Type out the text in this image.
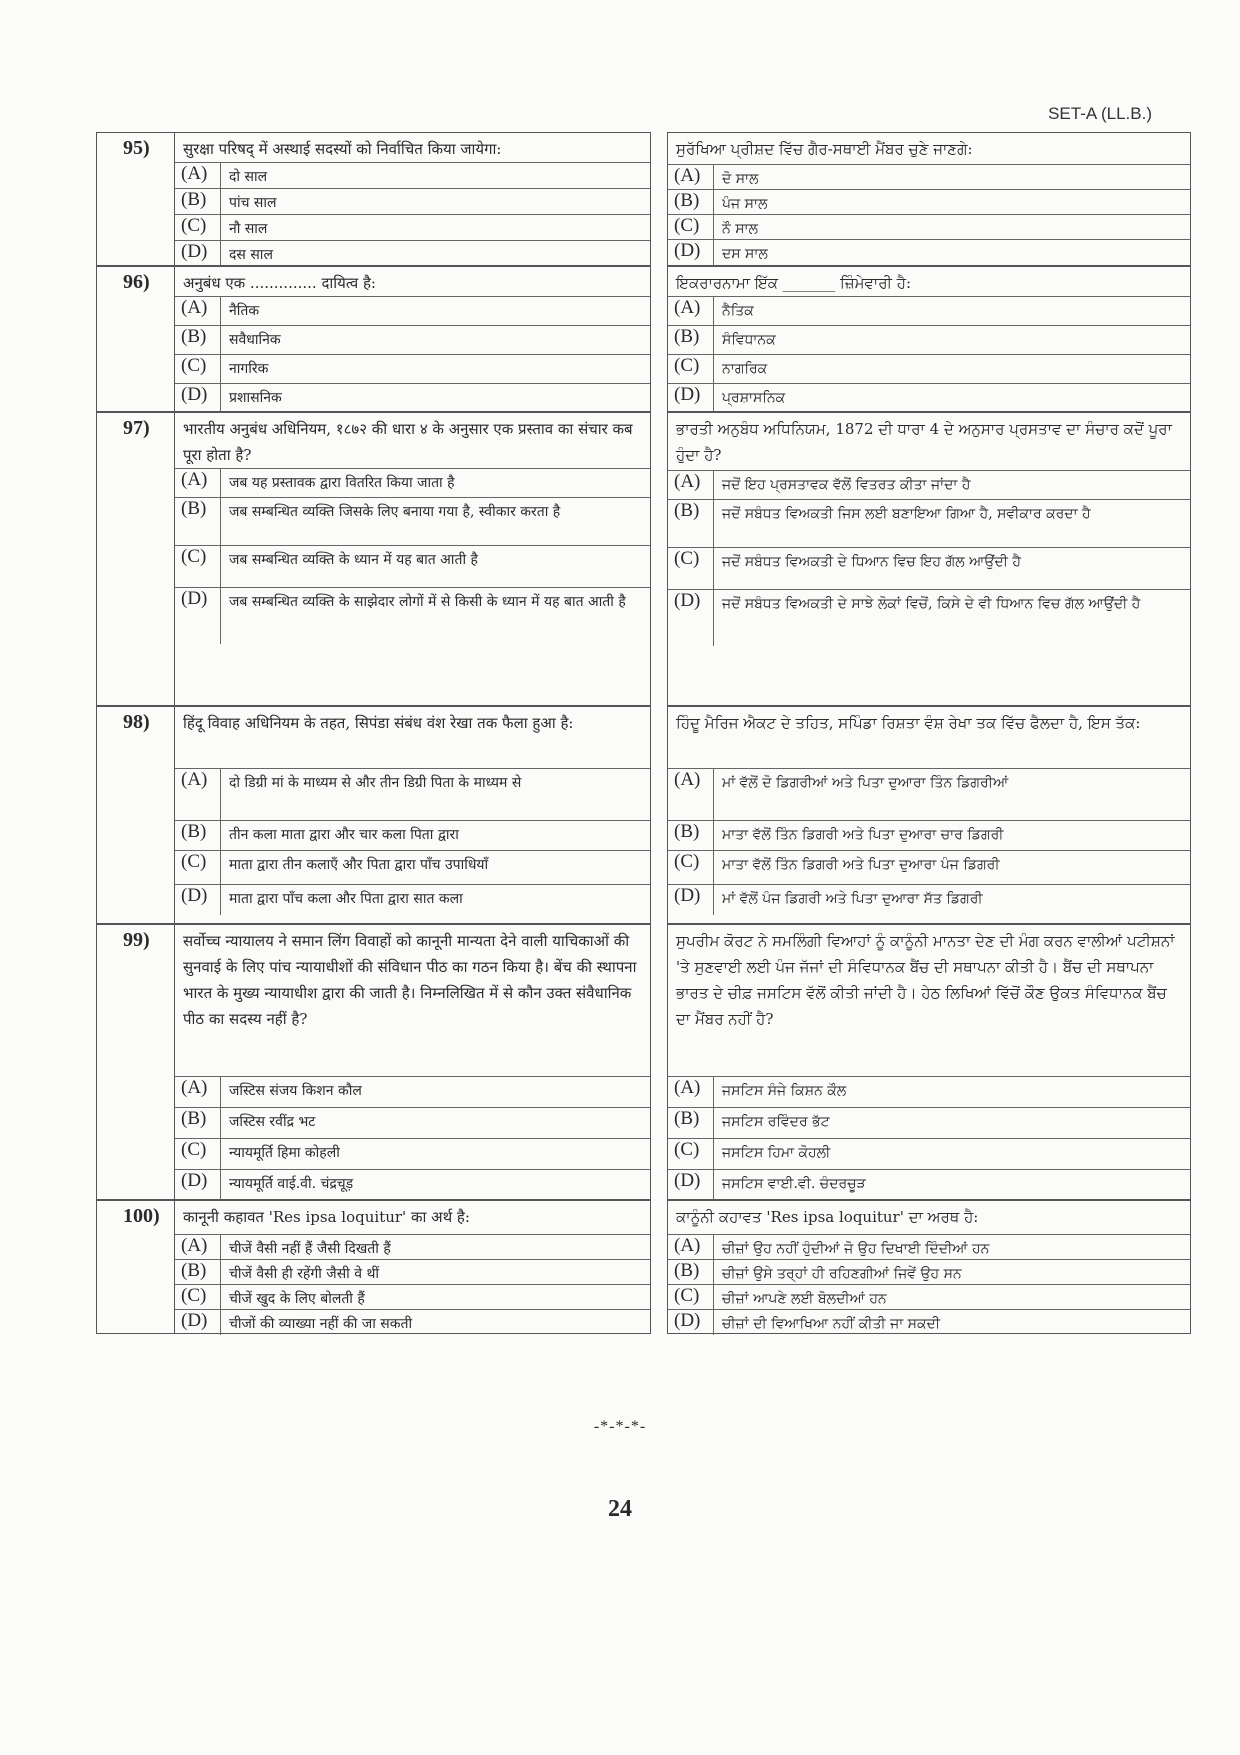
SET-A (LL.B.)
95)	सुरक्षा परिषद् में अस्थाई सदस्यों को निर्वाचित किया जायेगा:
(A)	दो साल
(B)	पांच साल
(C)	नौ साल
(D)	दस साल
ਸੁਰੱਖਿਆ ਪ੍ਰੀਸ਼ਦ ਵਿੱਚ ਗੈਰ-ਸਥਾਈ ਮੈਂਬਰ ਚੁਣੇ ਜਾਣਗੇ:
(A)	ਦੋ ਸਾਲ
(B)	ਪੰਜ ਸਾਲ
(C)	ਨੌ ਸਾਲ
(D)	ਦਸ ਸਾਲ
96)	अनुबंध एक .............. दायित्व है:
(A)	नैतिक
(B)	सवैधानिक
(C)	नागरिक
(D)	प्रशासनिक
ਇਕਰਾਰਨਾਮਾ ਇੱਕ _______ ਜ਼ਿੰਮੇਵਾਰੀ ਹੈ:
(A)	ਨੈਤਿਕ
(B)	ਸੰਵਿਧਾਨਕ
(C)	ਨਾਗਰਿਕ
(D)	ਪ੍ਰਸ਼ਾਸਨਿਕ
97)	भारतीय अनुबंध अधिनियम, १८७२ की धारा ४ के अनुसार एक प्रस्ताव का संचार कब पूरा होता है?
(A)	जब यह प्रस्तावक द्वारा वितरित किया जाता है
(B)	जब सम्बन्धित व्यक्ति जिसके लिए बनाया गया है, स्वीकार करता है
(C)	जब सम्बन्धित व्यक्ति के ध्यान में यह बात आती है
(D)	जब सम्बन्धित व्यक्ति के साझेदार लोगों में से किसी के ध्यान में यह बात आती है
ਭਾਰਤੀ ਅਨੁਬੰਧ ਅਧਿਨਿਯਮ, 1872 ਦੀ ਧਾਰਾ 4 ਦੇ ਅਨੁਸਾਰ ਪ੍ਰਸਤਾਵ ਦਾ ਸੰਚਾਰ ਕਦੋਂ ਪੂਰਾ ਹੁੰਦਾ ਹੈ?
(A)	ਜਦੋਂ ਇਹ ਪ੍ਰਸਤਾਵਕ ਵੱਲੋਂ ਵਿਤਰਤ ਕੀਤਾ ਜਾਂਦਾ ਹੈ
(B)	ਜਦੋਂ ਸਬੰਧਤ ਵਿਅਕਤੀ ਜਿਸ ਲਈ ਬਣਾਇਆ ਗਿਆ ਹੈ, ਸਵੀਕਾਰ ਕਰਦਾ ਹੈ
(C)	ਜਦੋਂ ਸਬੰਧਤ ਵਿਅਕਤੀ ਦੇ ਧਿਆਨ ਵਿਚ ਇਹ ਗੱਲ ਆਉਂਦੀ ਹੈ
(D)	ਜਦੋਂ ਸਬੰਧਤ ਵਿਅਕਤੀ ਦੇ ਸਾਝੇ ਲੋਕਾਂ ਵਿਚੋਂ, ਕਿਸੇ ਦੇ ਵੀ ਧਿਆਨ ਵਿਚ ਗੱਲ ਆਉਂਦੀ ਹੈ
98)	हिंदू विवाह अधिनियम के तहत, सिपंडा संबंध वंश रेखा तक फैला हुआ है:
(A)	दो डिग्री मां के माध्यम से और तीन डिग्री पिता के माध्यम से
(B)	तीन कला माता द्वारा और चार कला पिता द्वारा
(C)	माता द्वारा तीन कलाएँ और पिता द्वारा पाँच उपाधियाँ
(D)	माता द्वारा पाँच कला और पिता द्वारा सात कला
ਹਿੰਦੂ ਮੈਰਿਜ ਐਕਟ ਦੇ ਤਹਿਤ, ਸਪਿੰਡਾ ਰਿਸ਼ਤਾ ਵੰਸ਼ ਰੇਖਾ ਤਕ ਵਿੱਚ ਫੈਲਦਾ ਹੈ, ਇਸ ਤੱਕ:
(A)	ਮਾਂ ਵੱਲੋਂ ਦੋ ਡਿਗਰੀਆਂ ਅਤੇ ਪਿਤਾ ਦੁਆਰਾ ਤਿੰਨ ਡਿਗਰੀਆਂ
(B)	ਮਾਤਾ ਵੱਲੋਂ ਤਿੰਨ ਡਿਗਰੀ ਅਤੇ ਪਿਤਾ ਦੁਆਰਾ ਚਾਰ ਡਿਗਰੀ
(C)	ਮਾਤਾ ਵੱਲੋਂ ਤਿੰਨ ਡਿਗਰੀ ਅਤੇ ਪਿਤਾ ਦੁਆਰਾ ਪੰਜ ਡਿਗਰੀ
(D)	ਮਾਂ ਵੱਲੋਂ ਪੰਜ ਡਿਗਰੀ ਅਤੇ ਪਿਤਾ ਦੁਆਰਾ ਸੱਤ ਡਿਗਰੀ
99)	सर्वोच्च न्यायालय ने समान लिंग विवाहों को कानूनी मान्यता देने वाली याचिकाओं की सुनवाई के लिए पांच न्यायाधीशों की संविधान पीठ का गठन किया है। बेंच की स्थापना भारत के मुख्य न्यायाधीश द्वारा की जाती है। निम्नलिखित में से कौन उक्त संवैधानिक पीठ का सदस्य नहीं है?
(A)	जस्टिस संजय किशन कौल
(B)	जस्टिस रवींद्र भट
(C)	न्यायमूर्ति हिमा कोहली
(D)	न्यायमूर्ति वाई.वी. चंद्रचूड़
ਸੁਪਰੀਮ ਕੋਰਟ ਨੇ ਸਮਲਿੰਗੀ ਵਿਆਹਾਂ ਨੂੰ ਕਾਨੂੰਨੀ ਮਾਨਤਾ ਦੇਣ ਦੀ ਮੰਗ ਕਰਨ ਵਾਲੀਆਂ ਪਟੀਸ਼ਨਾਂ 'ਤੇ ਸੁਣਵਾਈ ਲਈ ਪੰਜ ਜੱਜਾਂ ਦੀ ਸੰਵਿਧਾਨਕ ਬੈਂਚ ਦੀ ਸਥਾਪਨਾ ਕੀਤੀ ਹੈ। ਬੈਂਚ ਦੀ ਸਥਾਪਨਾ ਭਾਰਤ ਦੇ ਚੀਫ਼ ਜਸਟਿਸ ਵੱਲੋਂ ਕੀਤੀ ਜਾਂਦੀ ਹੈ। ਹੇਠ ਲਿਖਿਆਂ ਵਿੱਚੋਂ ਕੌਣ ਉਕਤ ਸੰਵਿਧਾਨਕ ਬੈਂਚ ਦਾ ਮੈਂਬਰ ਨਹੀਂ ਹੈ?
(A)	ਜਸਟਿਸ ਸੰਜੇ ਕਿਸ਼ਨ ਕੌਲ
(B)	ਜਸਟਿਸ ਰਵਿੰਦਰ ਭੱਟ
(C)	ਜਸਟਿਸ ਹਿਮਾ ਕੋਹਲੀ
(D)	ਜਸਟਿਸ ਵਾਈ.ਵੀ. ਚੰਦਰਚੂੜ
100)	कानूनी कहावत 'Res ipsa loquitur' का अर्थ है:
(A)	चीजें वैसी नहीं हैं जैसी दिखती हैं
(B)	चीजें वैसी ही रहेंगी जैसी वे थीं
(C)	चीजें खुद के लिए बोलती हैं
(D)	चीजों की व्याख्या नहीं की जा सकती
ਕਾਨੂੰਨੀ ਕਹਾਵਤ 'Res ipsa loquitur' ਦਾ ਅਰਥ ਹੈ:
(A)	ਚੀਜ਼ਾਂ ਉਹ ਨਹੀਂ ਹੁੰਦੀਆਂ ਜੋ ਉਹ ਦਿਖਾਈ ਦਿੰਦੀਆਂ ਹਨ
(B)	ਚੀਜ਼ਾਂ ਉਸੇ ਤਰ੍ਹਾਂ ਹੀ ਰਹਿਣਗੀਆਂ ਜਿਵੇਂ ਉਹ ਸਨ
(C)	ਚੀਜ਼ਾਂ ਆਪਣੇ ਲਈ ਬੋਲਦੀਆਂ ਹਨ
(D)	ਚੀਜ਼ਾਂ ਦੀ ਵਿਆਖਿਆ ਨਹੀਂ ਕੀਤੀ ਜਾ ਸਕਦੀ
-*-*-*-
24
